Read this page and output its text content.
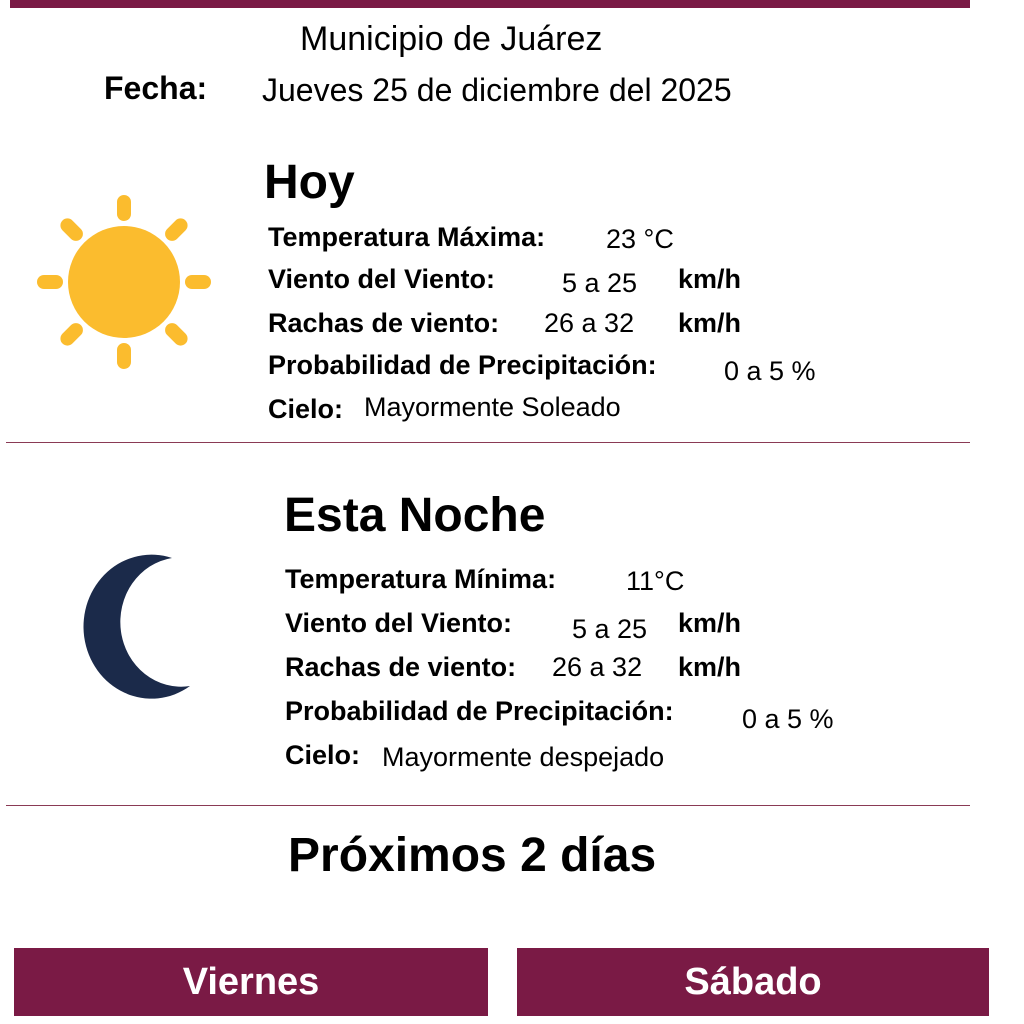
Municipio de Juárez
Fecha: Jueves 25 de diciembre del 2025
Hoy
Temperatura Máxima: 23 °C
Viento del Viento: 5 a 25 km/h
Rachas de viento: 26 a 32 km/h
Probabilidad de Precipitación: 0 a 5 %
Cielo: Mayormente Soleado
Esta Noche
Temperatura Mínima:	11°C
Viento del Viento: 5 a 25 km/h
Rachas de viento: 26 a 32 km/h
Probabilidad de Precipitación:	0 a 5 %
Cielo: Mayormente despejado
Próximos 2 días
Viernes	Sábado
